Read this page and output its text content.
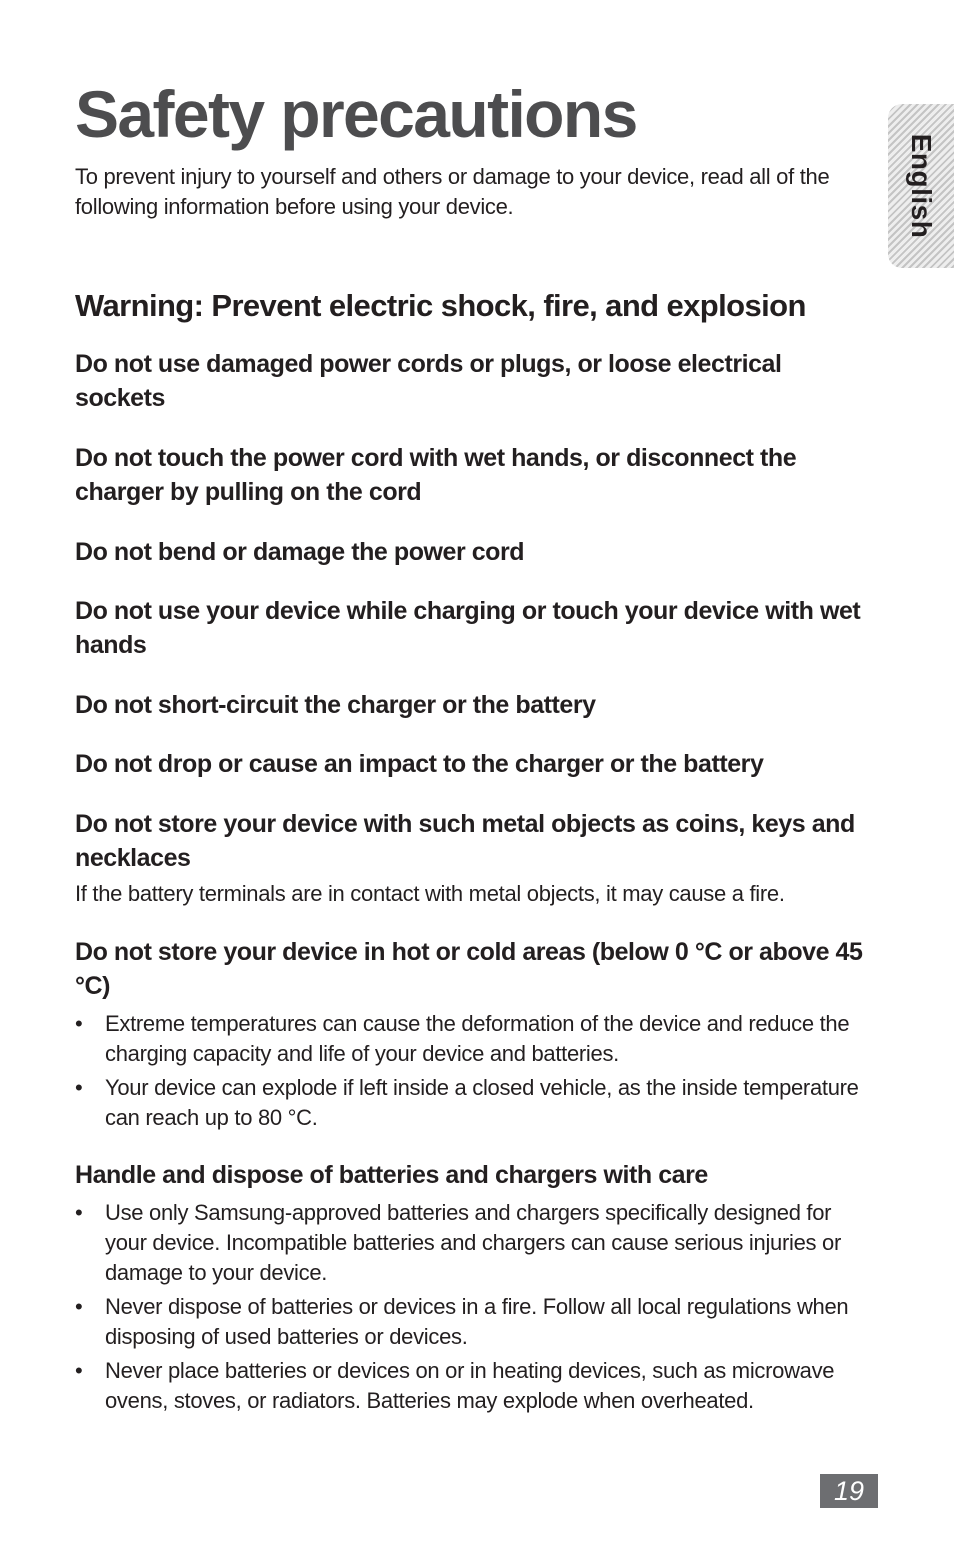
Safety precautions

To prevent injury to yourself and others or damage to your device, read all of the following information before using your device.	English
Warning: Prevent electric shock, fire, and explosion
Do not use damaged power cords or plugs, or loose electrical sockets
Do not touch the power cord with wet hands, or disconnect the charger by pulling on the cord
Do not bend or damage the power cord
Do not use your device while charging or touch your device with wet hands
Do not short-circuit the charger or the battery
Do not drop or cause an impact to the charger or the battery
Do not store your device with such metal objects as coins, keys and necklaces

If the battery terminals are in contact with metal objects, it may cause a fire.

Do not store your device in hot or cold areas (below 0 °C or above 45 °C)
• Extreme temperatures can cause the deformation of the device and reduce the charging capacity and life of your device and batteries.
• Your device can explode if left inside a closed vehicle, as the inside temperature can reach up to 80 °C.
Handle and dispose of batteries and chargers with care
• Use only Samsung-approved batteries and chargers specifically designed for your device. Incompatible batteries and chargers can cause serious injuries or damage to your device.
• Never dispose of batteries or devices in a fire. Follow all local regulations when disposing of used batteries or devices.
• Never place batteries or devices on or in heating devices, such as microwave ovens, stoves, or radiators. Batteries may explode when overheated.
19
